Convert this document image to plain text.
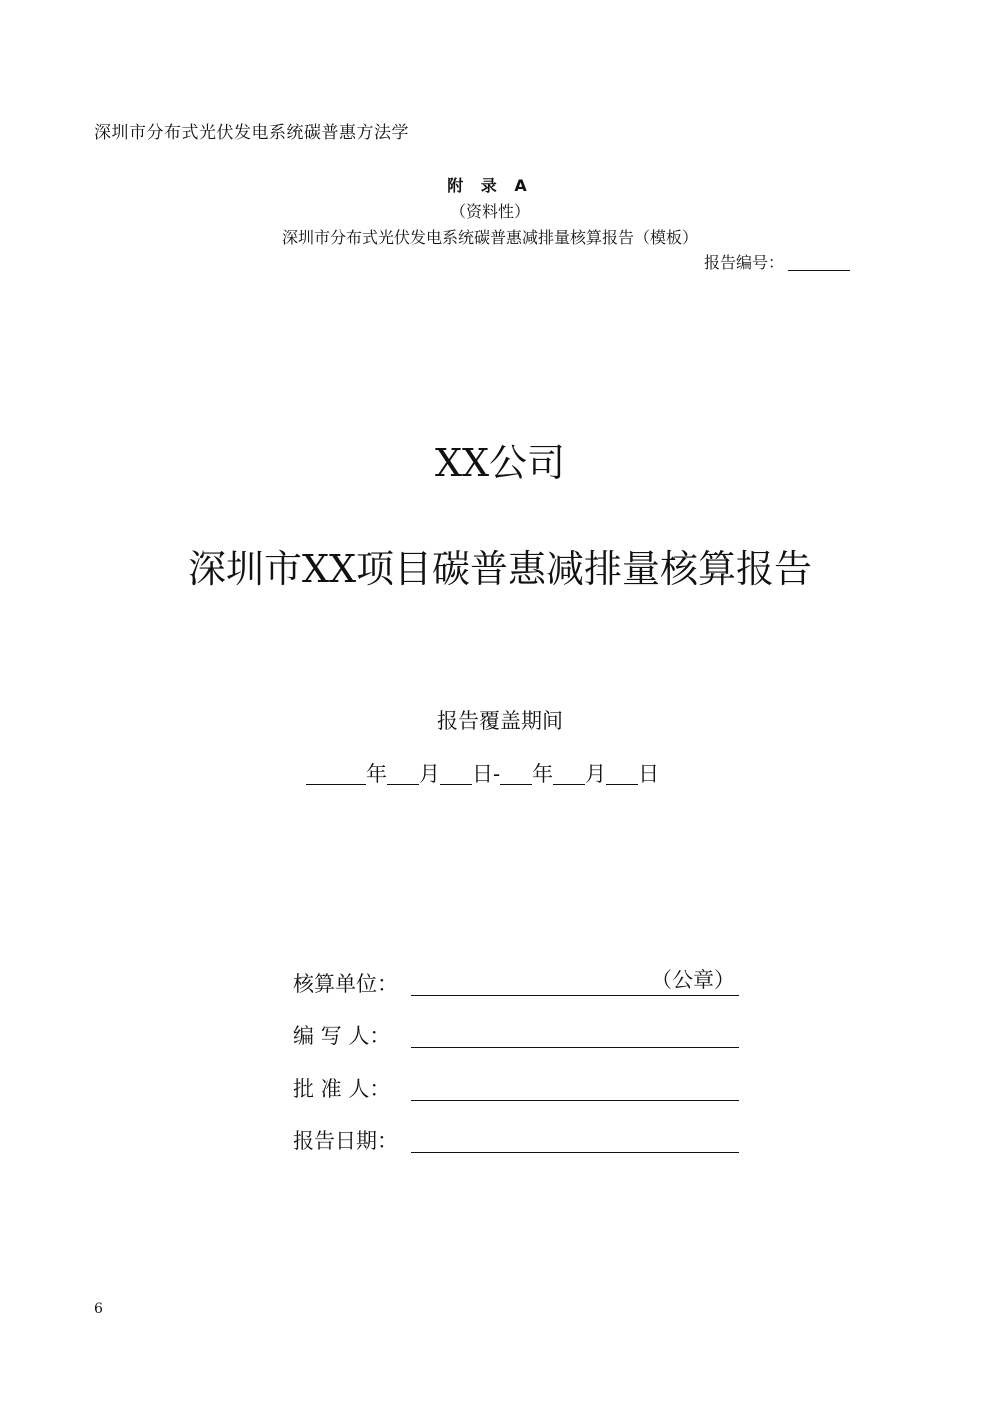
深圳市分布式光伏发电系统碳普惠方法学
附 录 A
（资料性）
深圳市分布式光伏发电系统碳普惠减排量核算报告（模板）
报告编号：
XX公司
深圳市XX项目碳普惠减排量核算报告
报告覆盖期间
年 月 日- 年 月 日
核算单位：	（公章）
编 写 人：
批 准 人：
报告日期：
6
